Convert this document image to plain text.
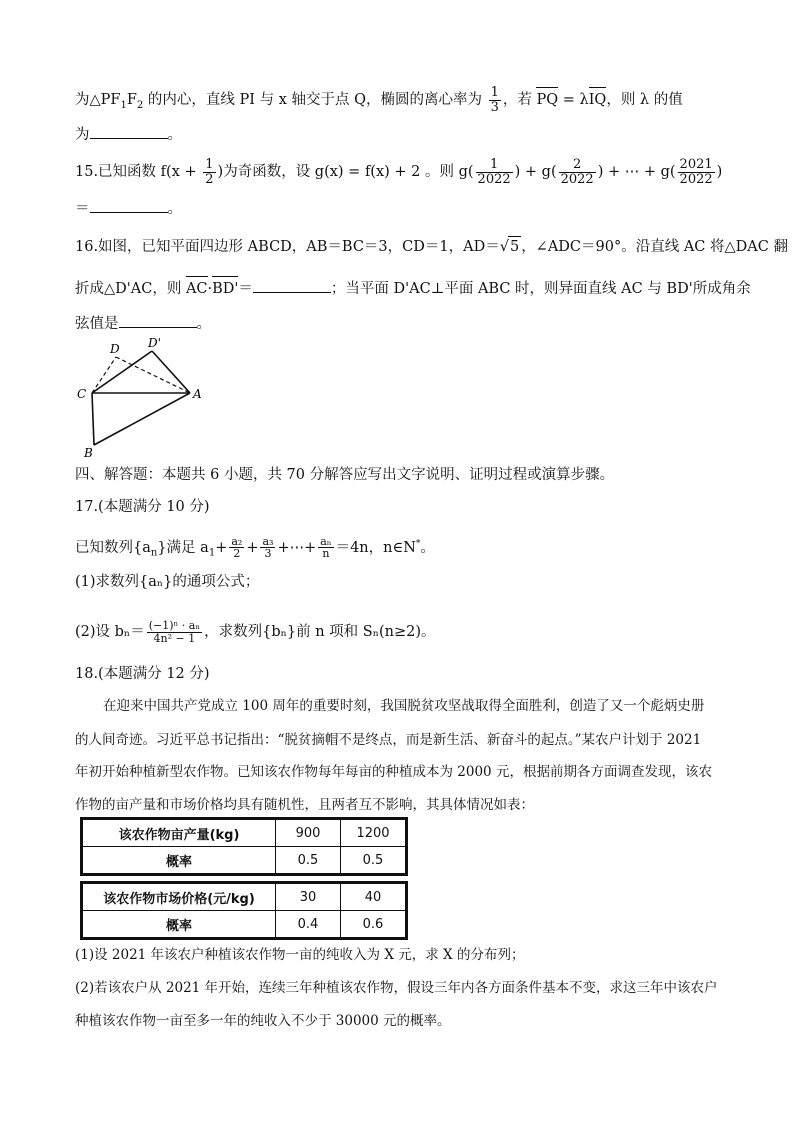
为$\triangle PF_1F_2$ 的内心，直线 PI 与 x 轴交于点 Q，椭圆的离心率为 $\frac{1}{3}$ ，若 PQ = λIQ，则 λ 的值
为	。
15.已知函数 $f(x + \frac{1}{2}$ )为奇函数，设 g(x) = f(x) + 2 。则 $g( \frac{1}{2022}$ ) + $g( \frac{2}{2022}$ ) + ⋯ + $g( \frac{2021}{2022}$ )
＝	。
16.如图，已知平面四边形 ABCD，AB＝BC＝3，CD＝1，AD＝√5 ，∠ADC＝90°。沿直线 AC 将△DAC 翻
折成△D'AC，则 AC·BD'＝	；当平面 D'AC⊥平面 ABC 时，则异面直线 AC 与 BD'所成角余
弦值是	。
D D'
C	A
B
四、解答题：本题共 6 小题，共 70 分解答应写出文字说明、证明过程或演算步骤。
17.(本题满分 10 分)
已知数列$\{a_n\}$满足 $a_1+ \frac{\text{a₂}}{2} + \frac{\text{a₃}}{3}$ +⋯+ $\frac{\text{aₙ}}{n} =4n$，n∈N*。
(1)求数列{aₙ}的通项公式；
(2)设 $b_n= \frac{\text{(−1)ⁿ · aₙ}}{\text{4n² − 1}}$ ，求数列{bₙ}前 n 项和 Sₙ(n≥2)。
18.(本题满分 12 分)
在迎来中国共产党成立 100 周年的重要时刻，我国脱贫攻坚战取得全面胜利，创造了又一个彪炳史册
的人间奇迹。习近平总书记指出：“脱贫摘帽不是终点，而是新生活、新奋斗的起点。”某农户计划于 2021
年初开始种植新型农作物。已知该农作物每年每亩的种植成本为 2000 元，根据前期各方面调查发现，该农
作物的亩产量和市场价格均具有随机性，且两者互不影响，其具体情况如表：
该农作物亩产量(kg)	900	1200
概率	0.5	0.5
该农作物市场价格(元/kg)	30	40
概率	0.4	0.6
(1)设 2021 年该农户种植该农作物一亩的纯收入为 X 元，求 X 的分布列；
(2)若该农户从 2021 年开始，连续三年种植该农作物，假设三年内各方面条件基本不变，求这三年中该农户
种植该农作物一亩至多一年的纯收入不少于 30000 元的概率。
